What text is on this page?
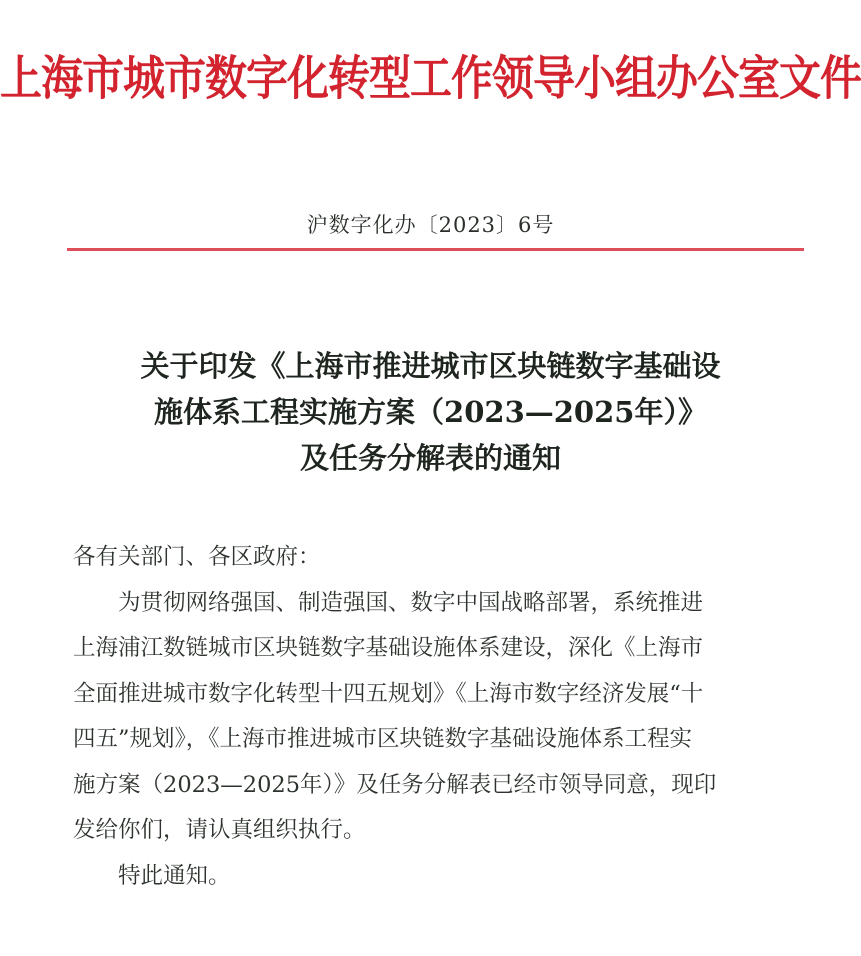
上海市城市数字化转型工作领导小组办公室文件
沪数字化办〔2023〕6号
关于印发《上海市推进城市区块链数字基础设
施体系工程实施方案（2023—2025年）》
及任务分解表的通知

各有关部门、各区政府：

为贯彻网络强国、制造强国、数字中国战略部署，系统推进

上海浦江数链城市区块链数字基础设施体系建设，深化《上海市

全面推进城市数字化转型十四五规划》《上海市数字经济发展“十

四五”规划》，《上海市推进城市区块链数字基础设施体系工程实

施方案（2023—2025年）》及任务分解表已经市领导同意，现印

发给你们，请认真组织执行。

特此通知。
